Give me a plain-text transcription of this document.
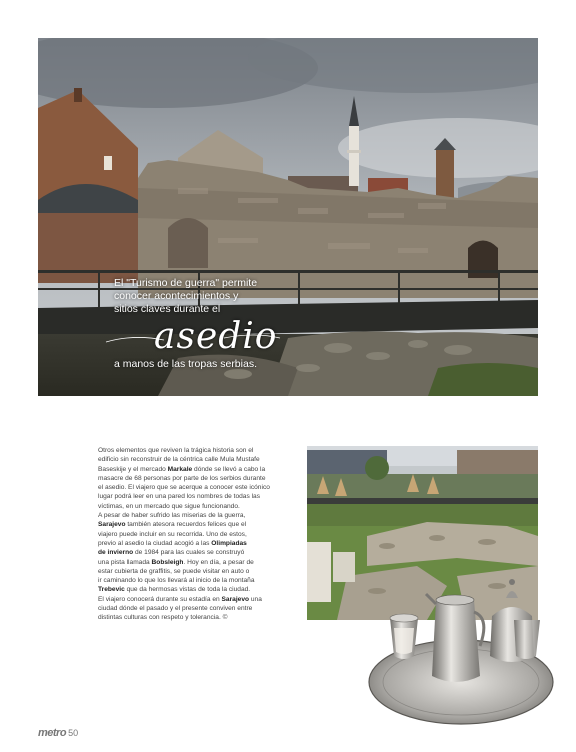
El "Turismo de guerra" permite
conocer acontecimientos y
sitios claves durante el
asedio
a manos de las tropas serbias.
Otros elementos que reviven la trágica historia son el
edificio sin reconstruir de la céntrica calle Mula Mustafe
Baseskije y el mercado Markale dónde se llevó a cabo la
masacre de 68 personas por parte de los serbios durante
el asedio. El viajero que se acerque a conocer este icónico
lugar podrá leer en una pared los nombres de todas las
víctimas, en un mercado que sigue funcionando.
A pesar de haber sufrido las miserias de la guerra,
Sarajevo también atesora recuerdos felices que el
viajero puede incluir en su recorrida. Uno de estos,
previo al asedio la ciudad acogió a las Olimpiadas
de invierno de 1984 para las cuales se construyó
una pista llamada Bobsleigh. Hoy en día, a pesar de
estar cubierta de graffitis, se puede visitar en auto o
ir caminando lo que los llevará al inicio de la montaña
Trebevic que da hermosas vistas de toda la ciudad.
El viajero conocerá durante su estadía en Sarajevo una
ciudad dónde el pasado y el presente conviven entre
distintas culturas con respeto y tolerancia. ©
metro 50
